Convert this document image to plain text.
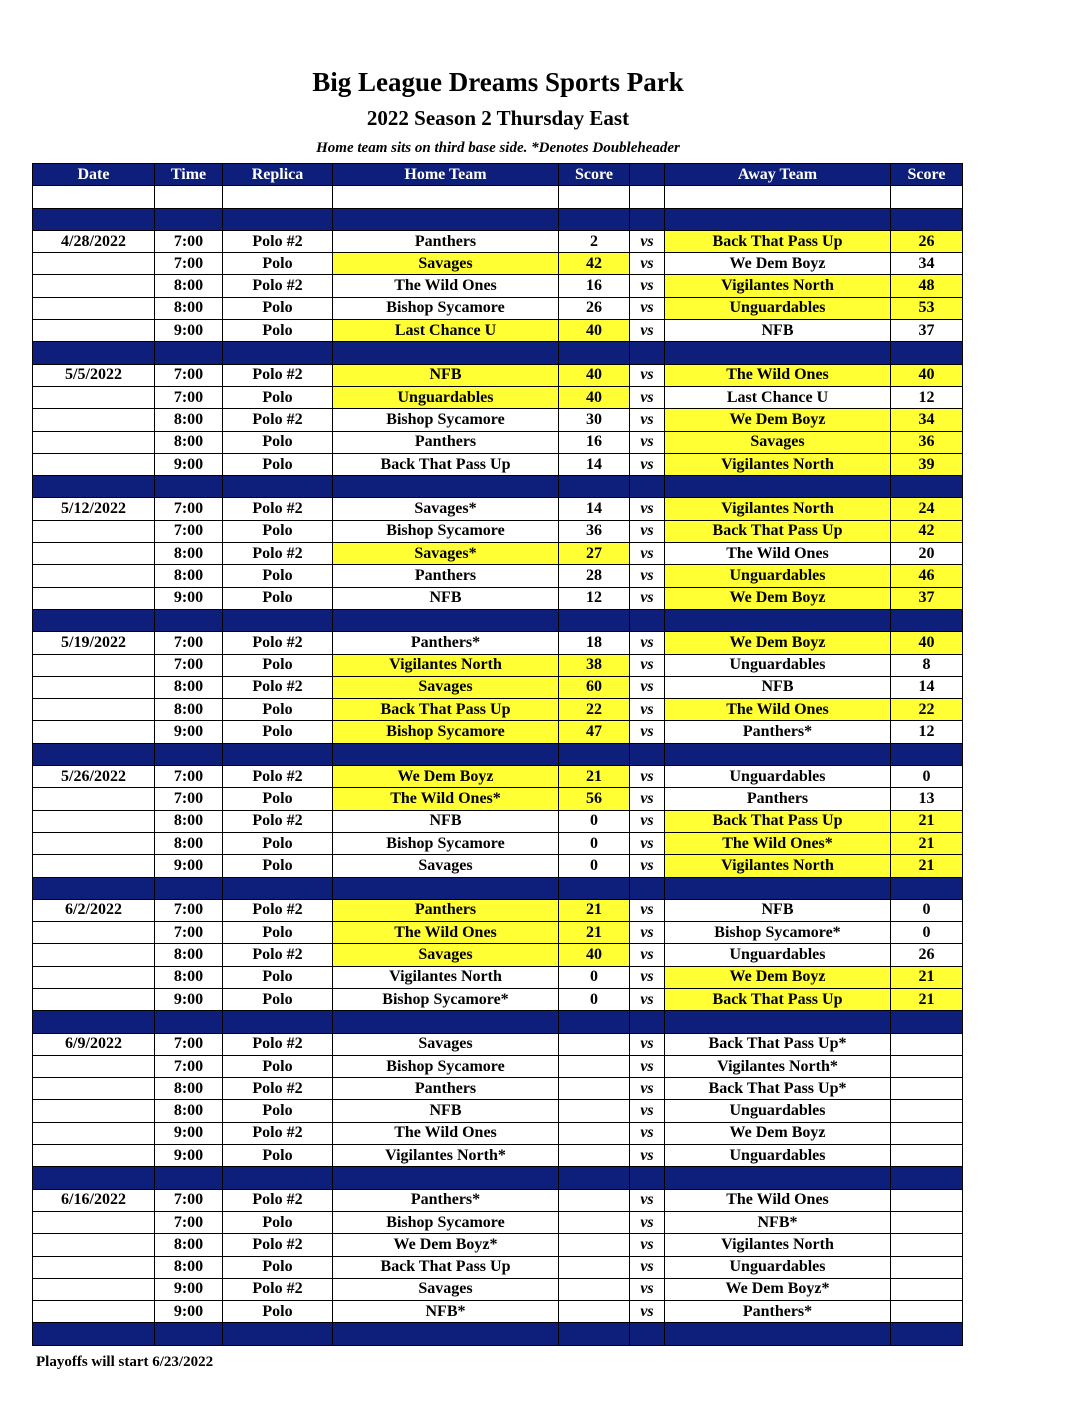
Big League Dreams Sports Park
2022 Season 2 Thursday East
Home team sits on third base side. *Denotes Doubleheader
Date	Time	Replica	Home Team	Score		Away Team	Score

4/28/2022	7:00	Polo #2	Panthers	2	vs	Back That Pass Up	26
	7:00	Polo	Savages	42	vs	We Dem Boyz	34
	8:00	Polo #2	The Wild Ones	16	vs	Vigilantes North	48
	8:00	Polo	Bishop Sycamore	26	vs	Unguardables	53
	9:00	Polo	Last Chance U	40	vs	NFB	37

5/5/2022	7:00	Polo #2	NFB	40	vs	The Wild Ones	40
	7:00	Polo	Unguardables	40	vs	Last Chance U	12
	8:00	Polo #2	Bishop Sycamore	30	vs	We Dem Boyz	34
	8:00	Polo	Panthers	16	vs	Savages	36
	9:00	Polo	Back That Pass Up	14	vs	Vigilantes North	39

5/12/2022	7:00	Polo #2	Savages*	14	vs	Vigilantes North	24
	7:00	Polo	Bishop Sycamore	36	vs	Back That Pass Up	42
	8:00	Polo #2	Savages*	27	vs	The Wild Ones	20
	8:00	Polo	Panthers	28	vs	Unguardables	46
	9:00	Polo	NFB	12	vs	We Dem Boyz	37

5/19/2022	7:00	Polo #2	Panthers*	18	vs	We Dem Boyz	40
	7:00	Polo	Vigilantes North	38	vs	Unguardables	8
	8:00	Polo #2	Savages	60	vs	NFB	14
	8:00	Polo	Back That Pass Up	22	vs	The Wild Ones	22
	9:00	Polo	Bishop Sycamore	47	vs	Panthers*	12

5/26/2022	7:00	Polo #2	We Dem Boyz	21	vs	Unguardables	0
	7:00	Polo	The Wild Ones*	56	vs	Panthers	13
	8:00	Polo #2	NFB	0	vs	Back That Pass Up	21
	8:00	Polo	Bishop Sycamore	0	vs	The Wild Ones*	21
	9:00	Polo	Savages	0	vs	Vigilantes North	21

6/2/2022	7:00	Polo #2	Panthers	21	vs	NFB	0
	7:00	Polo	The Wild Ones	21	vs	Bishop Sycamore*	0
	8:00	Polo #2	Savages	40	vs	Unguardables	26
	8:00	Polo	Vigilantes North	0	vs	We Dem Boyz	21
	9:00	Polo	Bishop Sycamore*	0	vs	Back That Pass Up	21

6/9/2022	7:00	Polo #2	Savages		vs	Back That Pass Up*	
	7:00	Polo	Bishop Sycamore		vs	Vigilantes North*	
	8:00	Polo #2	Panthers		vs	Back That Pass Up*	
	8:00	Polo	NFB		vs	Unguardables	
	9:00	Polo #2	The Wild Ones		vs	We Dem Boyz	
	9:00	Polo	Vigilantes North*		vs	Unguardables	

6/16/2022	7:00	Polo #2	Panthers*		vs	The Wild Ones	
	7:00	Polo	Bishop Sycamore		vs	NFB*	
	8:00	Polo #2	We Dem Boyz*		vs	Vigilantes North	
	8:00	Polo	Back That Pass Up		vs	Unguardables	
	9:00	Polo #2	Savages		vs	We Dem Boyz*	
	9:00	Polo	NFB*		vs	Panthers*	

Playoffs will start 6/23/2022
